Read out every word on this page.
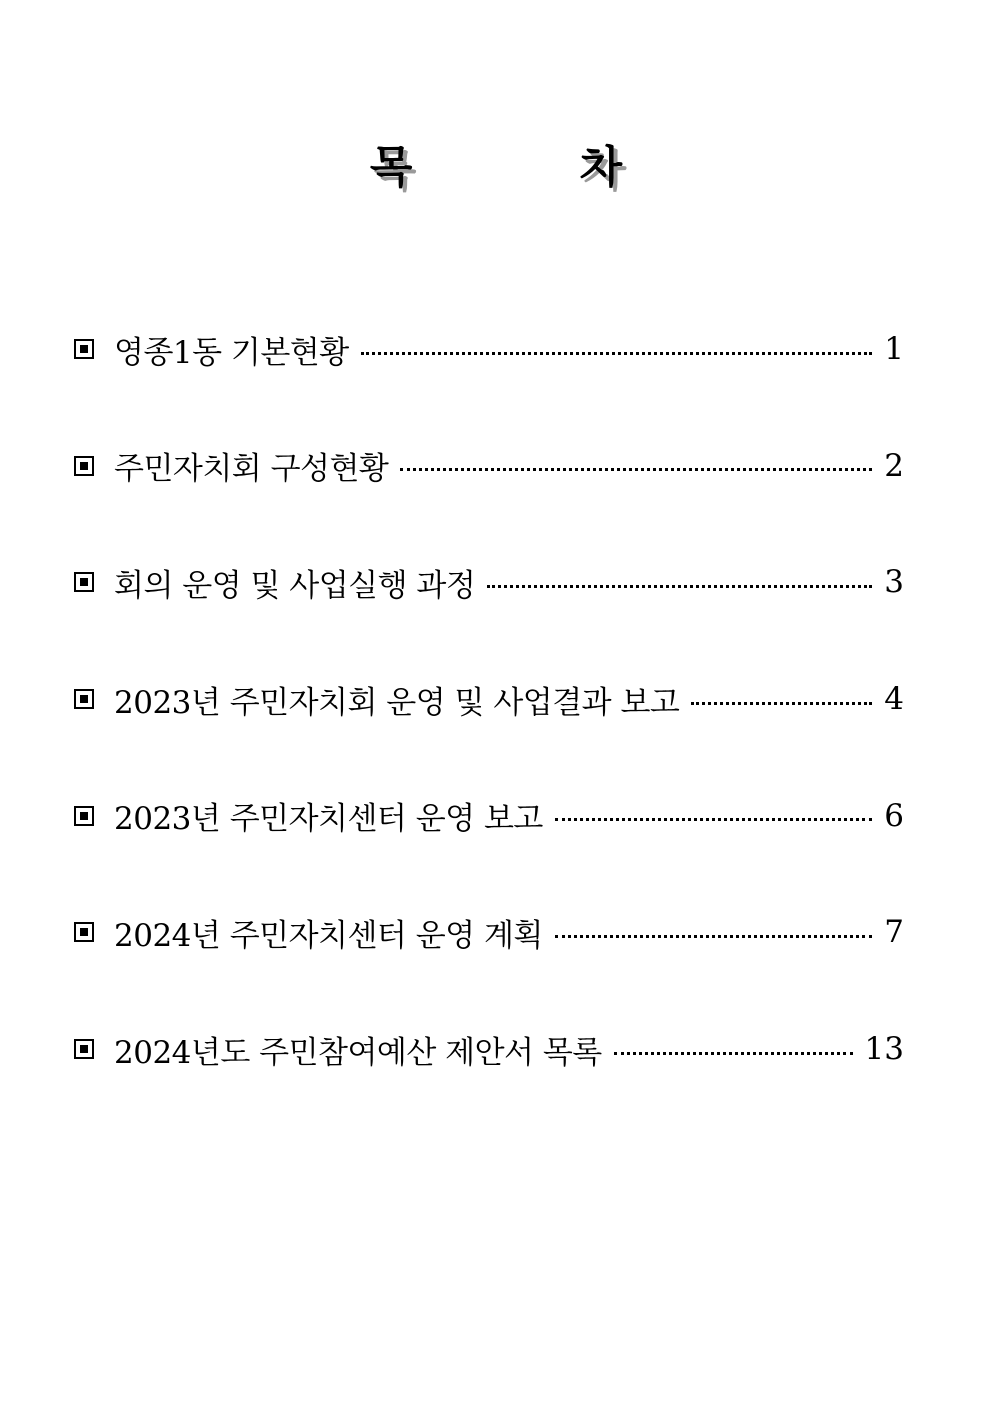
목 차
영종1동 기본현황	1
주민자치회 구성현황	2
회의 운영 및 사업실행 과정	3
2023년 주민자치회 운영 및 사업결과 보고	4
2023년 주민자치센터 운영 보고	6
2024년 주민자치센터 운영 계획	7
2024년도 주민참여예산 제안서 목록	13
